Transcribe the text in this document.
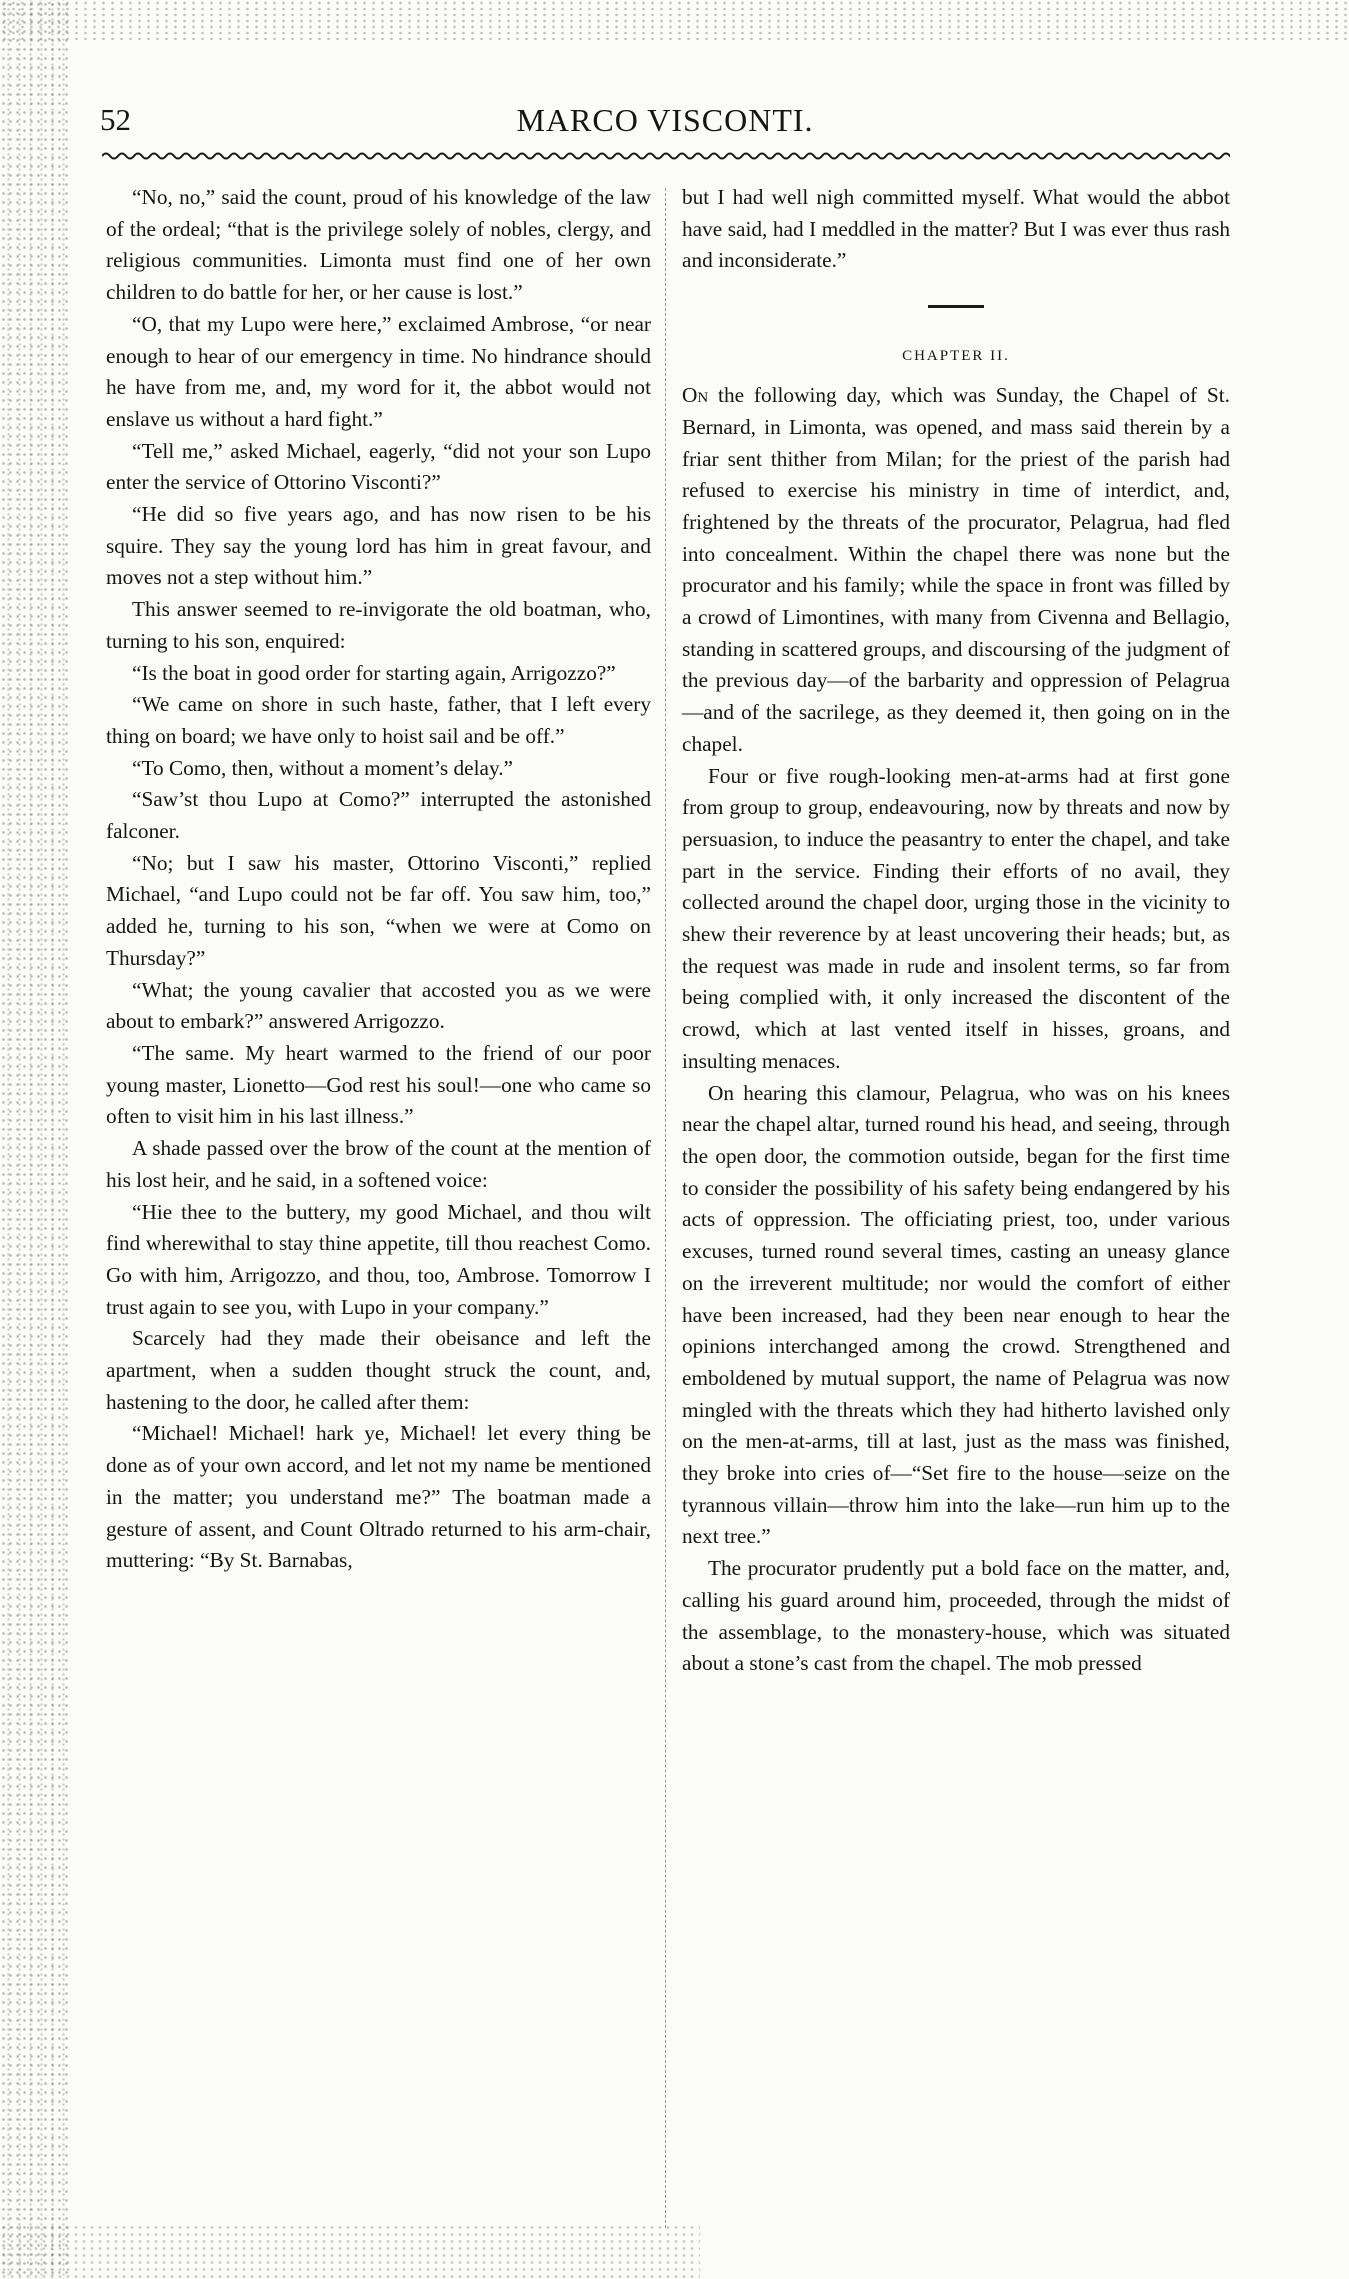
52	MARCO VISCONTI.

“No, no,” said the count, proud of his knowledge of the law of the ordeal; “that is the privilege solely of nobles, clergy, and religious communities. Limonta must find one of her own children to do battle for her, or her cause is lost.”

“O, that my Lupo were here,” exclaimed Ambrose, “or near enough to hear of our emergency in time. No hindrance should he have from me, and, my word for it, the abbot would not enslave us without a hard fight.”

“Tell me,” asked Michael, eagerly, “did not your son Lupo enter the service of Ottorino Visconti?”

“He did so five years ago, and has now risen to be his squire. They say the young lord has him in great favour, and moves not a step without him.”

This answer seemed to re-invigorate the old boatman, who, turning to his son, enquired:

“Is the boat in good order for starting again, Arrigozzo?”

“We came on shore in such haste, father, that I left every thing on board; we have only to hoist sail and be off.”

“To Como, then, without a moment’s delay.”

“Saw’st thou Lupo at Como?” interrupted the astonished falconer.

“No; but I saw his master, Ottorino Visconti,” replied Michael, “and Lupo could not be far off. You saw him, too,” added he, turning to his son, “when we were at Como on Thursday?”

“What; the young cavalier that accosted you as we were about to embark?” answered Arrigozzo.

“The same. My heart warmed to the friend of our poor young master, Lionetto—God rest his soul!—one who came so often to visit him in his last illness.”

A shade passed over the brow of the count at the mention of his lost heir, and he said, in a softened voice:

“Hie thee to the buttery, my good Michael, and thou wilt find wherewithal to stay thine appetite, till thou reachest Como. Go with him, Arrigozzo, and thou, too, Ambrose. Tomorrow I trust again to see you, with Lupo in your company.”

Scarcely had they made their obeisance and left the apartment, when a sudden thought struck the count, and, hastening to the door, he called after them:

“Michael! Michael! hark ye, Michael! let every thing be done as of your own accord, and let not my name be mentioned in the matter; you understand me?” The boatman made a gesture of assent, and Count Oltrado returned to his arm-chair, muttering: “By St. Barnabas,

but I had well nigh committed myself. What would the abbot have said, had I meddled in the matter? But I was ever thus rash and inconsiderate.”

CHAPTER II.

On the following day, which was Sunday, the Chapel of St. Bernard, in Limonta, was opened, and mass said therein by a friar sent thither from Milan; for the priest of the parish had refused to exercise his ministry in time of interdict, and, frightened by the threats of the procurator, Pelagrua, had fled into concealment. Within the chapel there was none but the procurator and his family; while the space in front was filled by a crowd of Limontines, with many from Civenna and Bellagio, standing in scattered groups, and discoursing of the judgment of the previous day—of the barbarity and oppression of Pelagrua—and of the sacrilege, as they deemed it, then going on in the chapel.

Four or five rough-looking men-at-arms had at first gone from group to group, endeavouring, now by threats and now by persuasion, to induce the peasantry to enter the chapel, and take part in the service. Finding their efforts of no avail, they collected around the chapel door, urging those in the vicinity to shew their reverence by at least uncovering their heads; but, as the request was made in rude and insolent terms, so far from being complied with, it only increased the discontent of the crowd, which at last vented itself in hisses, groans, and insulting menaces.

On hearing this clamour, Pelagrua, who was on his knees near the chapel altar, turned round his head, and seeing, through the open door, the commotion outside, began for the first time to consider the possibility of his safety being endangered by his acts of oppression. The officiating priest, too, under various excuses, turned round several times, casting an uneasy glance on the irreverent multitude; nor would the comfort of either have been increased, had they been near enough to hear the opinions interchanged among the crowd. Strengthened and emboldened by mutual support, the name of Pelagrua was now mingled with the threats which they had hitherto lavished only on the men-at-arms, till at last, just as the mass was finished, they broke into cries of—“Set fire to the house—seize on the tyrannous villain—throw him into the lake—run him up to the next tree.”

The procurator prudently put a bold face on the matter, and, calling his guard around him, proceeded, through the midst of the assemblage, to the monastery-house, which was situated about a stone’s cast from the chapel. The mob pressed
